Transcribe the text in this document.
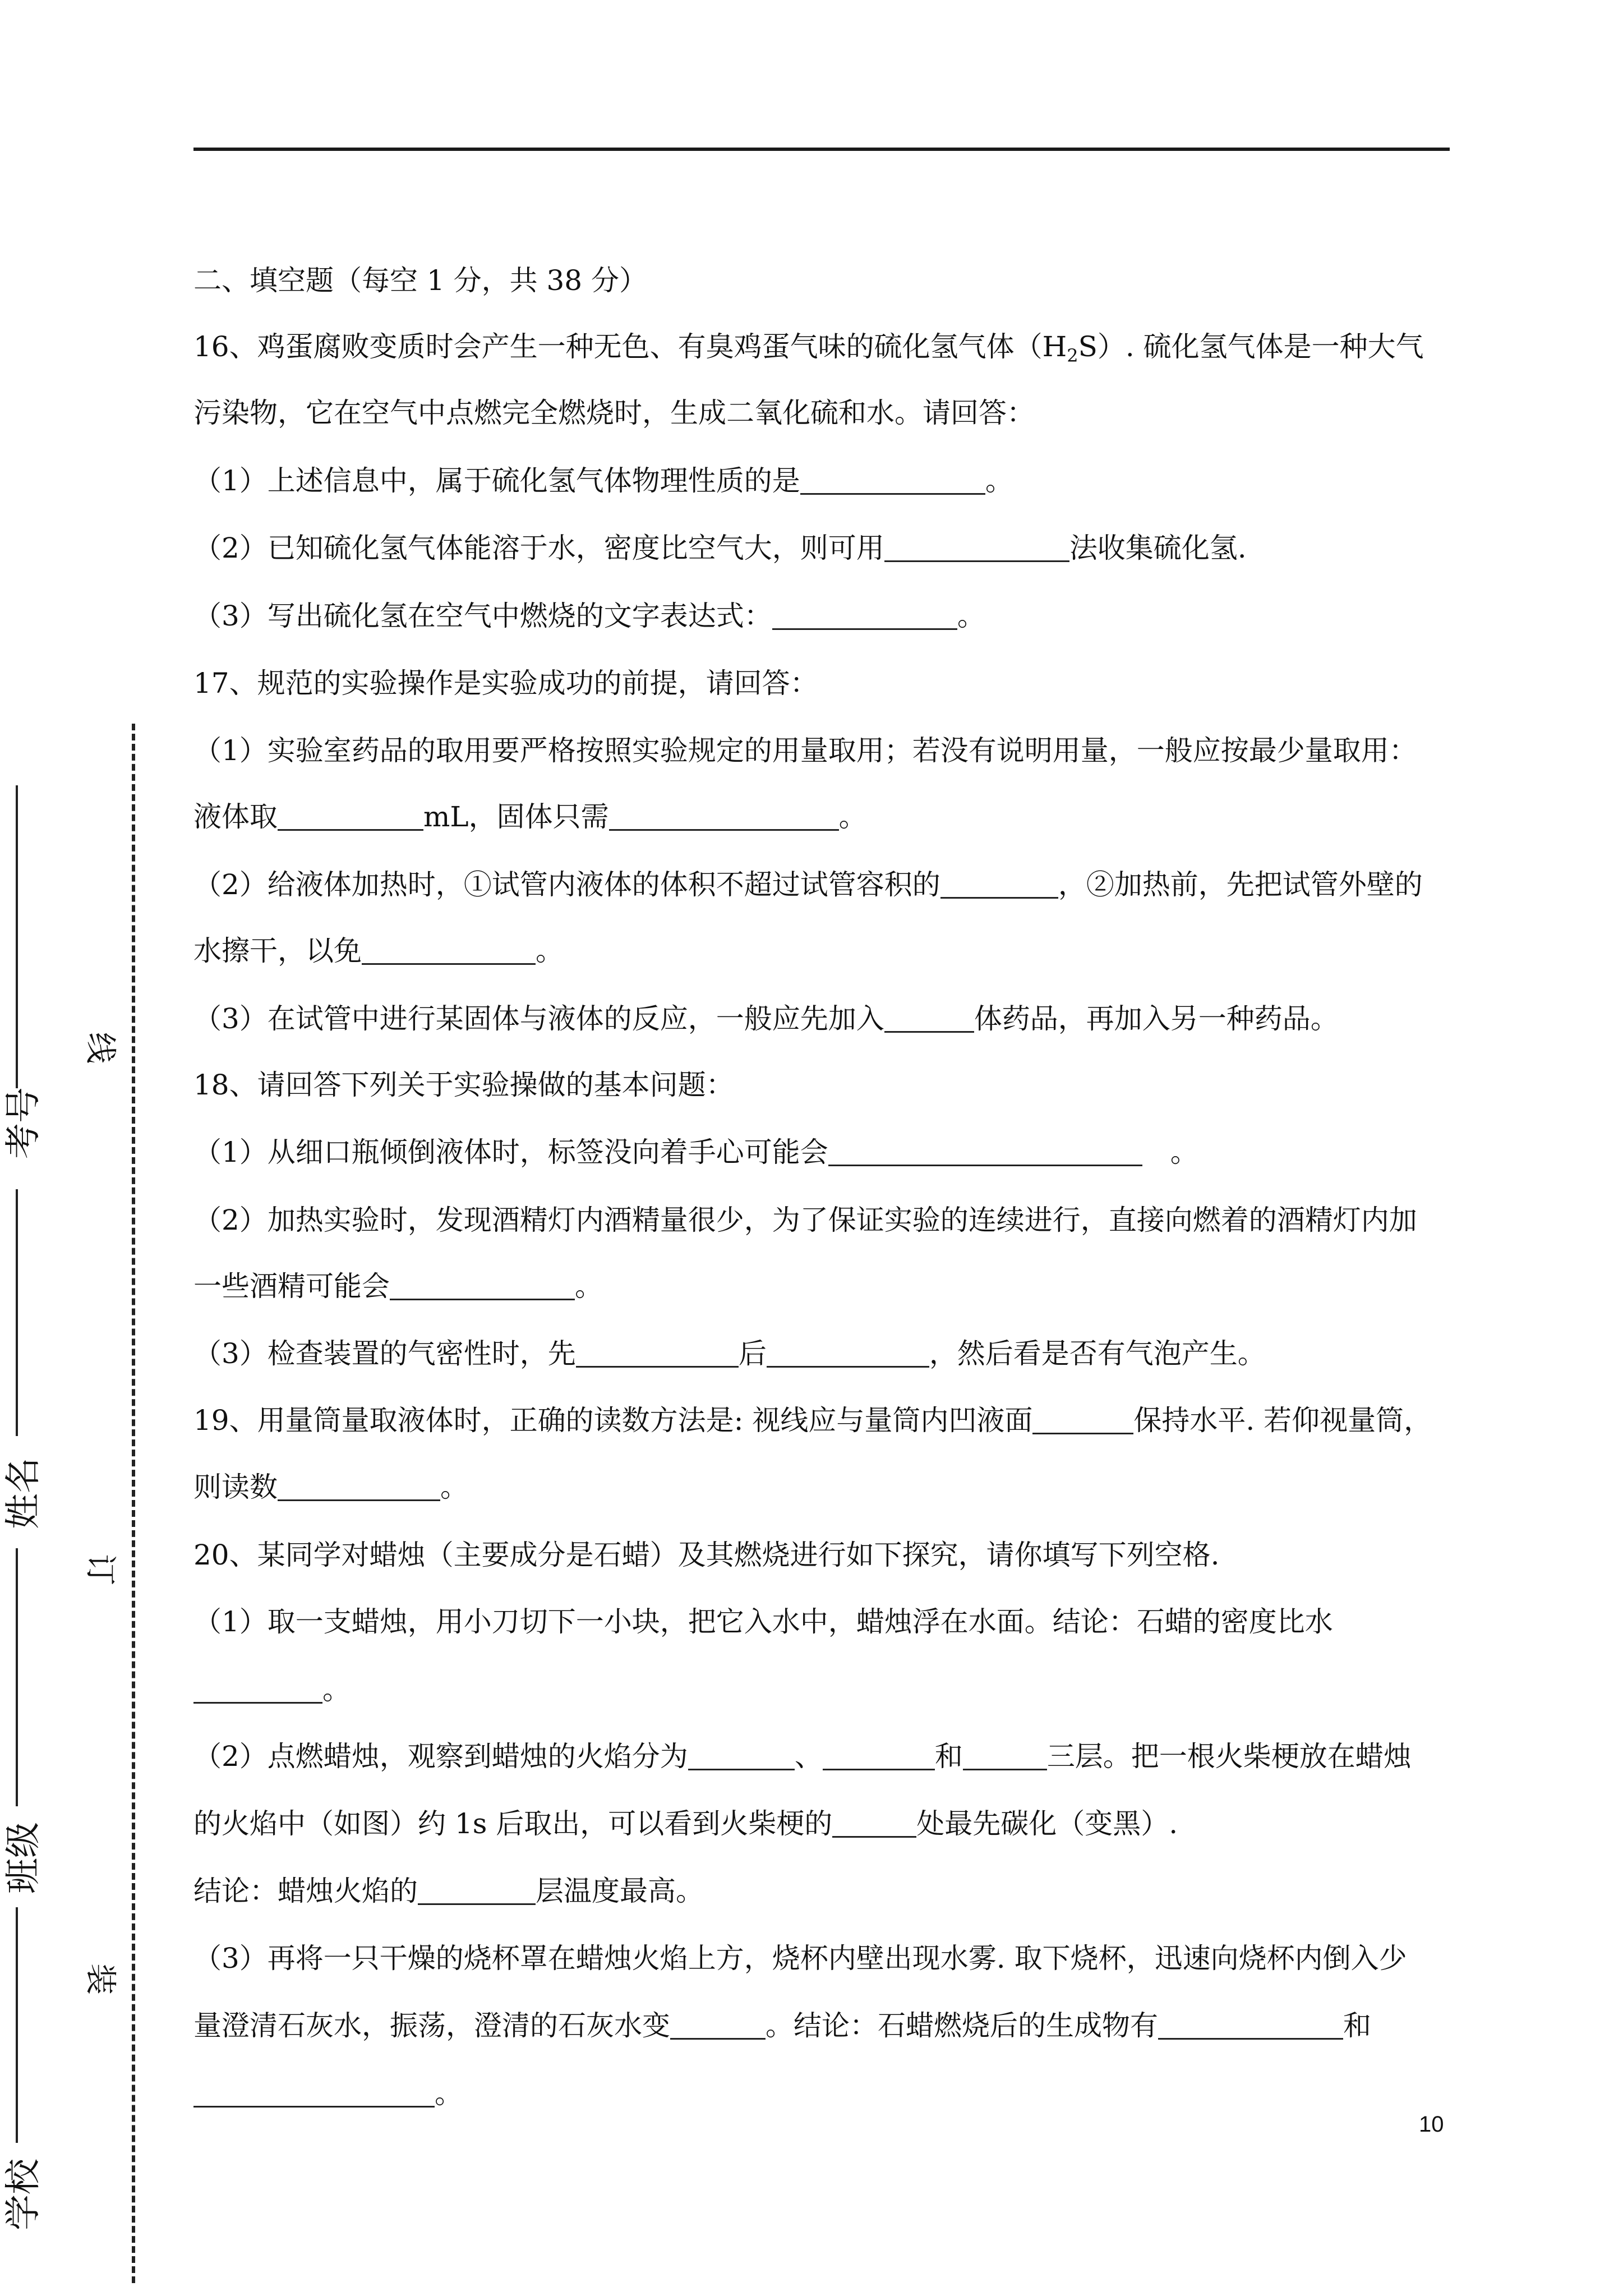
线
订
装
考号
姓名
班级
学校
二、填空题（每空 1 分，共 38 分）
16、鸡蛋腐败变质时会产生一种无色、有臭鸡蛋气味的硫化氢气体$(H_2S)$. 硫化氢气体是一种大气
污染物，它在空气中点燃完全燃烧时，生成二氧化硫和水。请回答：
（1）上述信息中，属于硫化氢气体物理性质的是	。
（2）已知硫化氢气体能溶于水，密度比空气大，则可用	法收集硫化氢.
（3）写出硫化氢在空气中燃烧的文字表达式：	。
17、规范的实验操作是实验成功的前提，请回答：
（1）实验室药品的取用要严格按照实验规定的用量取用；若没有说明用量，一般应按最少量取用：
液体取	mL，固体只需	。
（2）给液体加热时，①试管内液体的体积不超过试管容积的	，②加热前，先把试管外壁的
水擦干，以免	。
（3）在试管中进行某固体与液体的反应，一般应先加入	体药品，再加入另一种药品。
18、请回答下列关于实验操做的基本问题：
（1）从细口瓶倾倒液体时，标签没向着手心可能会	　。
（2）加热实验时，发现酒精灯内酒精量很少，为了保证实验的连续进行，直接向燃着的酒精灯内加
一些酒精可能会	。
（3）检查装置的气密性时，先	后	，然后看是否有气泡产生。
19、用量筒量取液体时，正确的读数方法是: 视线应与量筒内凹液面	保持水平. 若仰视量筒，
则读数	。
20、某同学对蜡烛（主要成分是石蜡）及其燃烧进行如下探究，请你填写下列空格.
（1）取一支蜡烛，用小刀切下一小块，把它入水中，蜡烛浮在水面。结论：石蜡的密度比水
。
（2）点燃蜡烛，观察到蜡烛的火焰分为	、	和	三层。把一根火柴梗放在蜡烛
的火焰中（如图）约 1s 后取出，可以看到火柴梗的	处最先碳化（变黑）.
结论：蜡烛火焰的	层温度最高。
（3）再将一只干燥的烧杯罩在蜡烛火焰上方，烧杯内壁出现水雾. 取下烧杯，迅速向烧杯内倒入少
量澄清石灰水，振荡，澄清的石灰水变	。结论：石蜡燃烧后的生成物有	和
。
10
